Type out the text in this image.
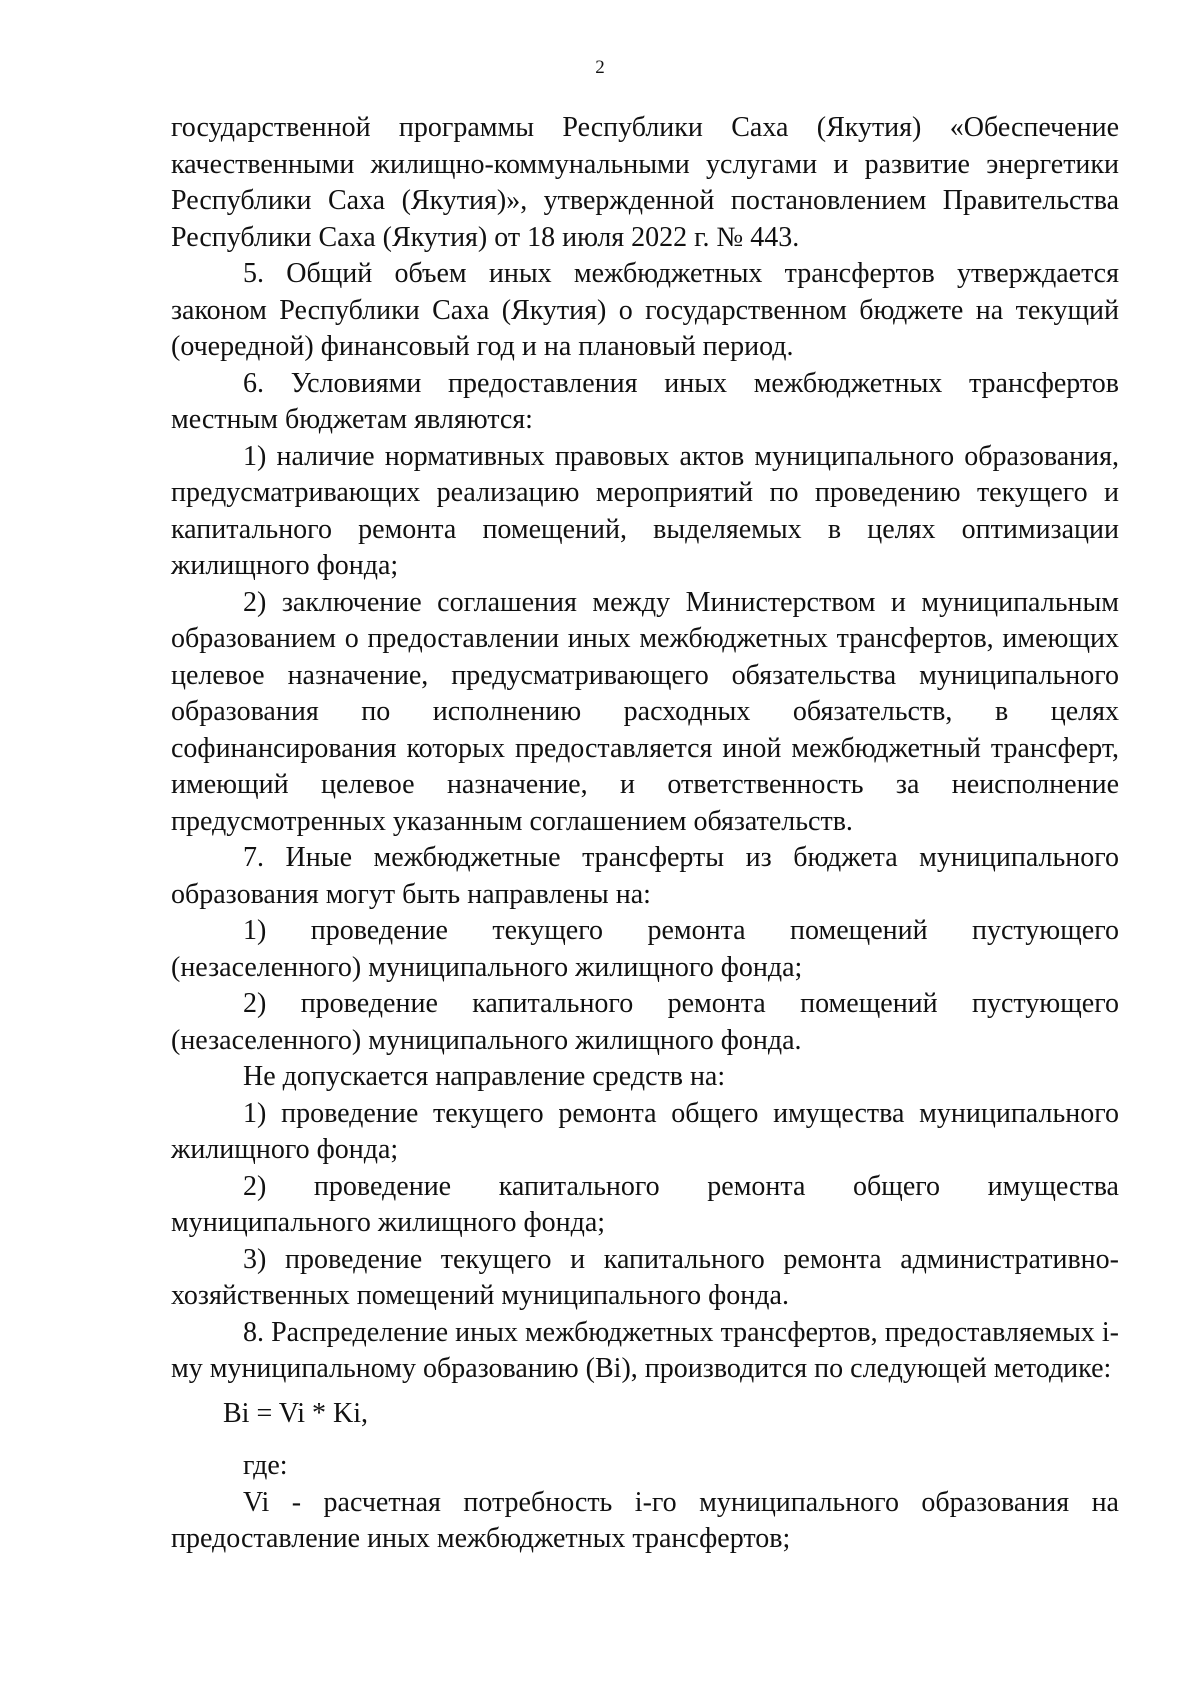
2

государственной программы Республики Саха (Якутия) «Обеспечение качественными жилищно-коммунальными услугами и развитие энергетики Республики Саха (Якутия)», утвержденной постановлением Правительства Республики Саха (Якутия) от 18 июля 2022 г. № 443.

5. Общий объем иных межбюджетных трансфертов утверждается законом Республики Саха (Якутия) о государственном бюджете на текущий (очередной) финансовый год и на плановый период.

6. Условиями предоставления иных межбюджетных трансфертов местным бюджетам являются:

1) наличие нормативных правовых актов муниципального образования, предусматривающих реализацию мероприятий по проведению текущего и капитального ремонта помещений, выделяемых в целях оптимизации жилищного фонда;

2) заключение соглашения между Министерством и муниципальным образованием о предоставлении иных межбюджетных трансфертов, имеющих целевое назначение, предусматривающего обязательства муниципального образования по исполнению расходных обязательств, в целях софинансирования которых предоставляется иной межбюджетный трансферт, имеющий целевое назначение, и ответственность за неисполнение предусмотренных указанным соглашением обязательств.

7. Иные межбюджетные трансферты из бюджета муниципального образования могут быть направлены на:

1) проведение текущего ремонта помещений пустующего (незаселенного) муниципального жилищного фонда;

2) проведение капитального ремонта помещений пустующего (незаселенного) муниципального жилищного фонда.

Не допускается направление средств на:

1) проведение текущего ремонта общего имущества муниципального жилищного фонда;

2) проведение капитального ремонта общего имущества муниципального жилищного фонда;

3) проведение текущего и капитального ремонта административно-хозяйственных помещений муниципального фонда.

8. Распределение иных межбюджетных трансфертов, предоставляемых i-му муниципальному образованию (Bi), производится по следующей методике:

Bi = Vi * Ki,

где:

Vi - расчетная потребность i-го муниципального образования на предоставление иных межбюджетных трансфертов;
